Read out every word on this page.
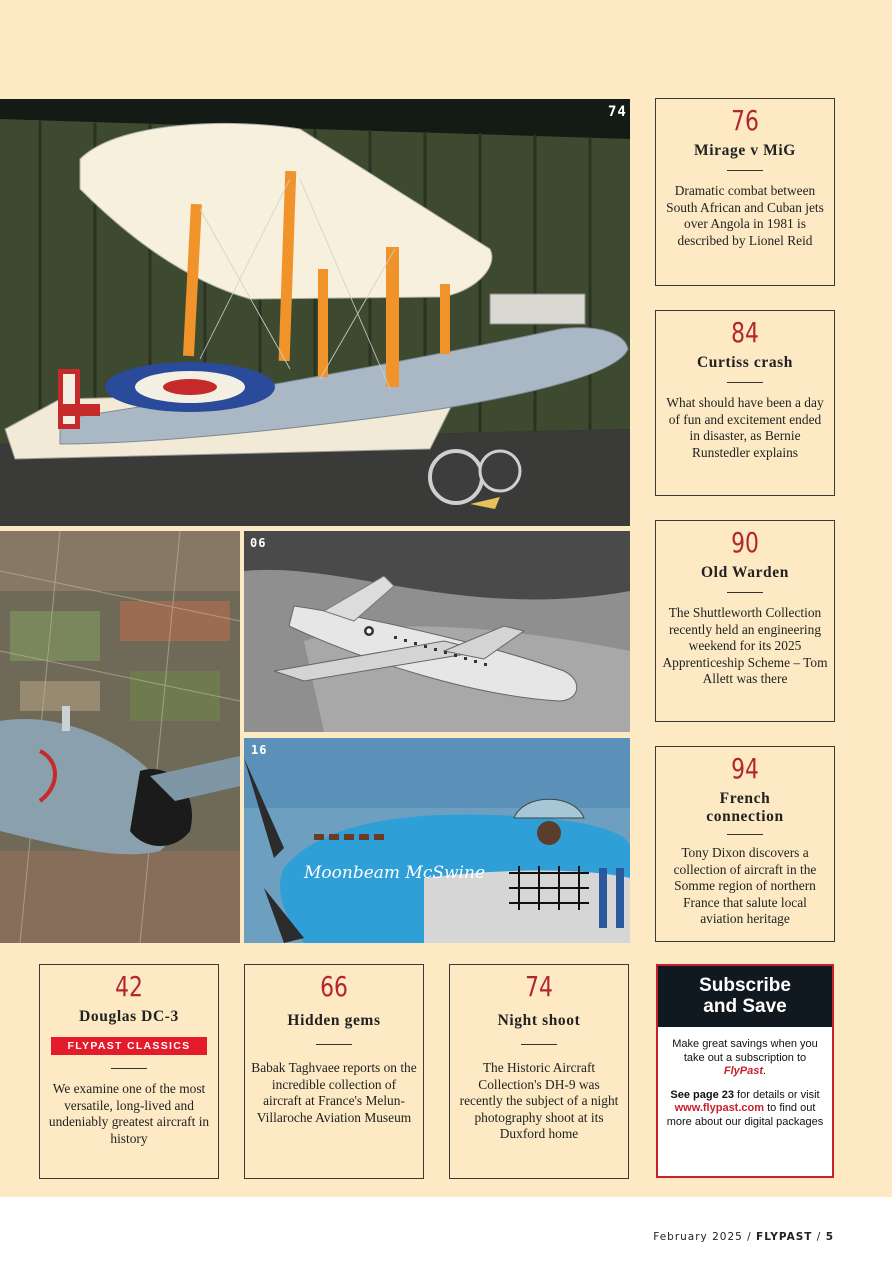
74
06
Moonbeam McSwine
16
76
Mirage v MiG
Dramatic combat between South African and Cuban jets over Angola in 1981 is described by Lionel Reid
84
Curtiss crash
What should have been a day of fun and excitement ended in disaster, as Bernie Runstedler explains
90
Old Warden
The Shuttleworth Collection recently held an engineering weekend for its 2025 Apprenticeship Scheme – Tom Allett was there
94
French connection
Tony Dixon discovers a collection of aircraft in the Somme region of northern France that salute local aviation heritage
42
Douglas DC-3
FLYPAST CLASSICS
We examine one of the most versatile, long-lived and undeniably greatest aircraft in history
66
Hidden gems
Babak Taghvaee reports on the incredible collection of aircraft at France's Melun-Villaroche Aviation Museum
74
Night shoot
The Historic Aircraft Collection's DH-9 was recently the subject of a night photography shoot at its Duxford home
Subscribe
and Save

Make great savings when you take out a subscription to FlyPast.

See page 23 for details or visit www.flypast.com to find out more about our digital packages

February 2025 / FLYPAST / 5
